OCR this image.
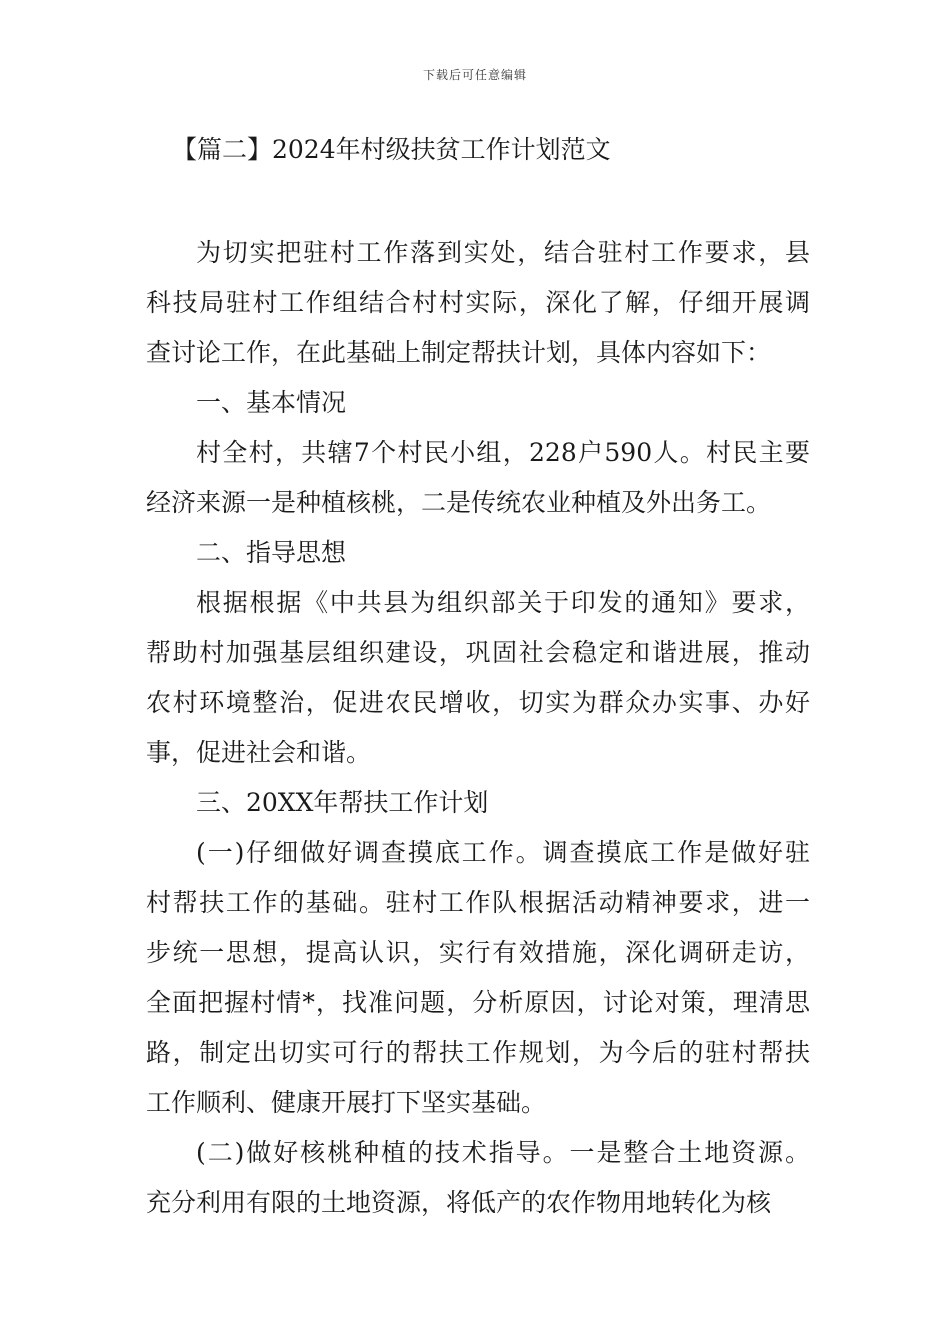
下载后可任意编辑
【篇二】2024年村级扶贫工作计划范文
为切实把驻村工作落到实处，结合驻村工作要求，县
科技局驻村工作组结合村村实际，深化了解，仔细开展调
查讨论工作，在此基础上制定帮扶计划，具体内容如下：
一、基本情况
村全村，共辖7个村民小组，228户590人。村民主要
经济来源一是种植核桃，二是传统农业种植及外出务工。
二、指导思想
根据根据《中共县为组织部关于印发的通知》要求，
帮助村加强基层组织建设，巩固社会稳定和谐进展，推动
农村环境整治，促进农民增收，切实为群众办实事、办好
事，促进社会和谐。
三、20XX年帮扶工作计划
(一)仔细做好调查摸底工作。调查摸底工作是做好驻
村帮扶工作的基础。驻村工作队根据活动精神要求，进一
步统一思想，提高认识，实行有效措施，深化调研走访，
全面把握村情*，找准问题，分析原因，讨论对策，理清思
路，制定出切实可行的帮扶工作规划，为今后的驻村帮扶
工作顺利、健康开展打下坚实基础。
(二)做好核桃种植的技术指导。一是整合土地资源。
充分利用有限的土地资源，将低产的农作物用地转化为核
